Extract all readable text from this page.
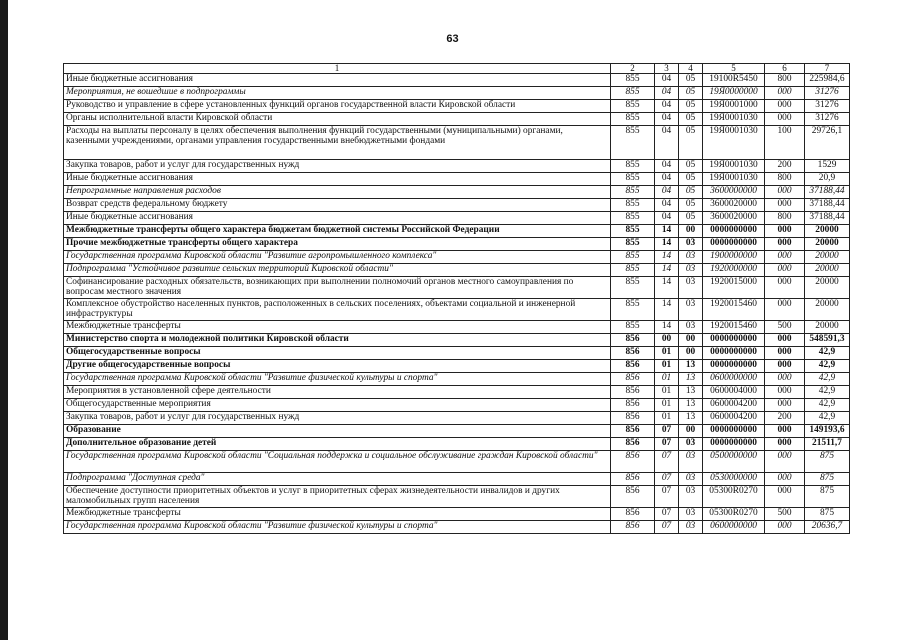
63
1	2	3	4	5	6	7
Иные бюджетные ассигнования	855	04	05	19100R5450	800	225984,6
Мероприятия, не вошедшие в подпрограммы	855	04	05	19Я0000000	000	31276
Руководство и управление в сфере установленных функций органов государственной власти Кировской области	855	04	05	19Я0001000	000	31276
Органы исполнительной власти Кировской области	855	04	05	19Я0001030	000	31276
Расходы на выплаты персоналу в целях обеспечения выполнения функций государственными (муниципальными) органами, казенными учреждениями, органами управления государственными внебюджетными фондами	855	04	05	19Я0001030	100	29726,1
Закупка товаров, работ и услуг для государственных нужд	855	04	05	19Я0001030	200	1529
Иные бюджетные ассигнования	855	04	05	19Я0001030	800	20,9
Непрограммные направления расходов	855	04	05	3600000000	000	37188,44
Возврат средств федеральному бюджету	855	04	05	3600020000	000	37188,44
Иные бюджетные ассигнования	855	04	05	3600020000	800	37188,44
Межбюджетные трансферты общего характера бюджетам бюджетной системы Российской Федерации	855	14	00	0000000000	000	20000
Прочие межбюджетные трансферты общего характера	855	14	03	0000000000	000	20000
Государственная программа Кировской области "Развитие агропромышленного комплекса"	855	14	03	1900000000	000	20000
Подпрограмма "Устойчивое развитие сельских территорий Кировской области"	855	14	03	1920000000	000	20000
Софинансирование расходных обязательств, возникающих при выполнении полномочий органов местного самоуправления по вопросам местного значения	855	14	03	1920015000	000	20000
Комплексное обустройство населенных пунктов, расположенных в сельских поселениях, объектами социальной и инженерной инфраструктуры	855	14	03	1920015460	000	20000
Межбюджетные трансферты	855	14	03	1920015460	500	20000
Министерство спорта и молодежной политики Кировской области	856	00	00	0000000000	000	548591,3
Общегосударственные вопросы	856	01	00	0000000000	000	42,9
Другие общегосударственные вопросы	856	01	13	0000000000	000	42,9
Государственная программа Кировской области "Развитие физической культуры и спорта"	856	01	13	0600000000	000	42,9
Мероприятия в установленной сфере деятельности	856	01	13	0600004000	000	42,9
Общегосударственные мероприятия	856	01	13	0600004200	000	42,9
Закупка товаров, работ и услуг для государственных нужд	856	01	13	0600004200	200	42,9
Образование	856	07	00	0000000000	000	149193,6
Дополнительное образование детей	856	07	03	0000000000	000	21511,7
Государственная программа Кировской области "Социальная поддержка и социальное обслуживание граждан Кировской области"	856	07	03	0500000000	000	875
Подпрограмма "Доступная среда"	856	07	03	0530000000	000	875
Обеспечение доступности приоритетных объектов и услуг в приоритетных сферах жизнедеятельности инвалидов и других маломобильных групп населения	856	07	03	05300R0270	000	875
Межбюджетные трансферты	856	07	03	05300R0270	500	875
Государственная программа Кировской области "Развитие физической культуры и спорта"	856	07	03	0600000000	000	20636,7
